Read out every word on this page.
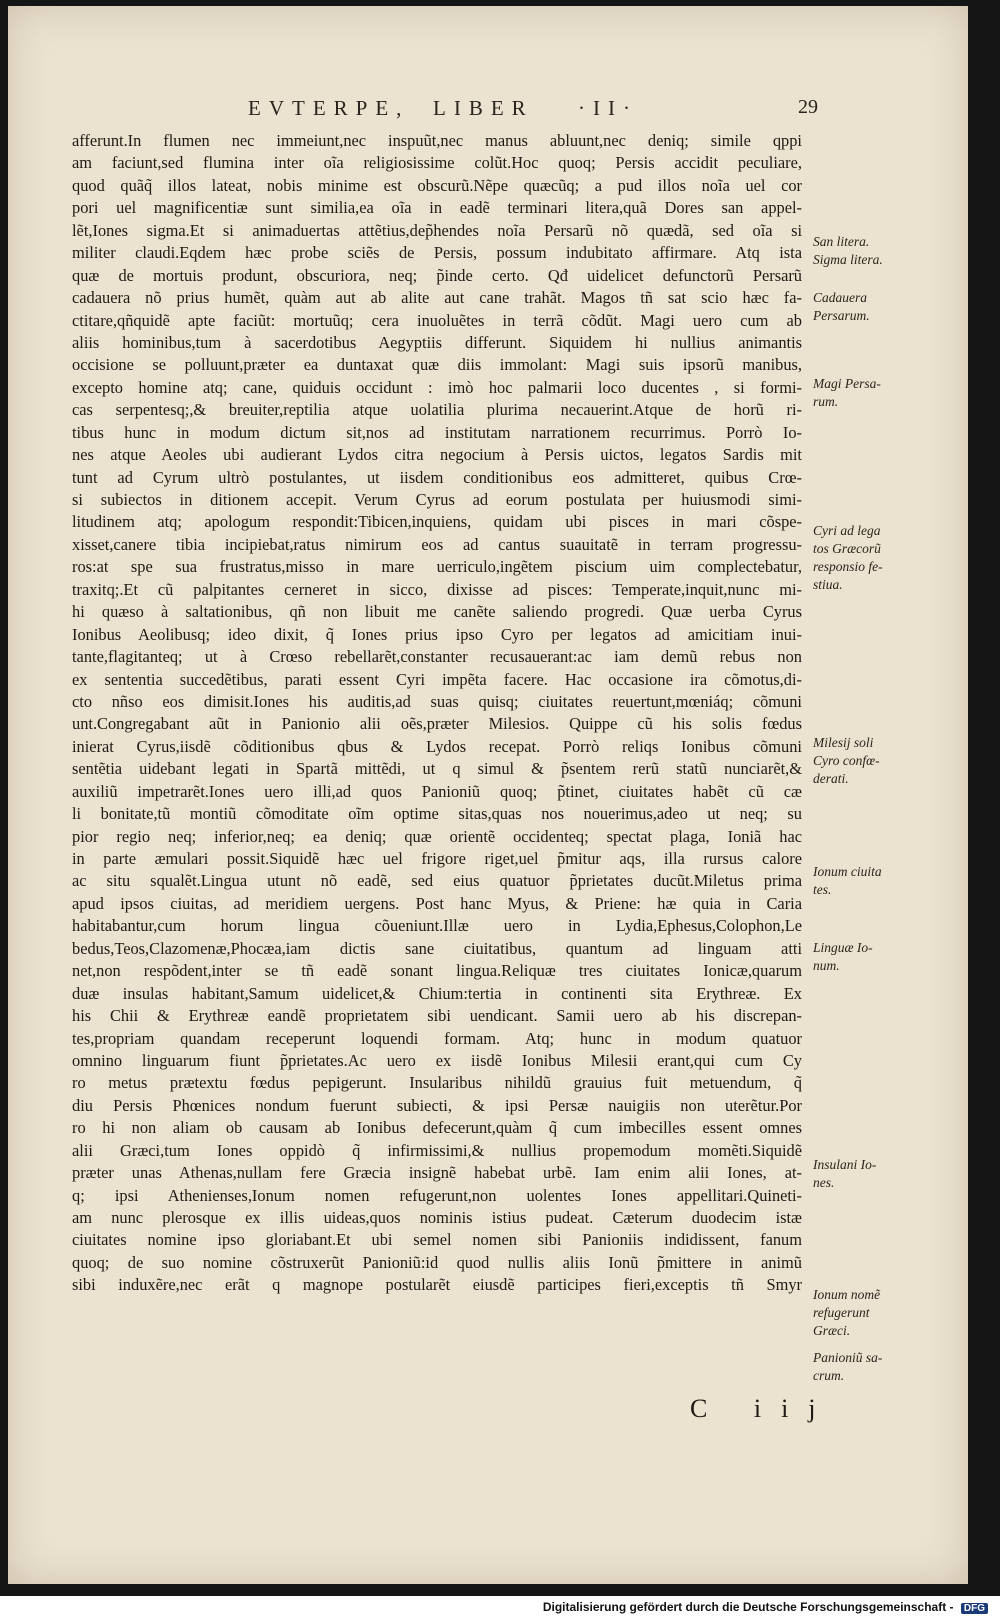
EVTERPE, LIBER ·II·	29
afferunt.In flumen nec immeiunt,nec inspuũt,nec manus abluunt,nec deniq; simile qppi
am faciunt,sed flumina inter oĩa religiosissime colũt.Hoc quoq; Persis accidit peculiare,
quod quãq̃ illos lateat, nobis minime est obscurũ.Nẽpe quæcũq; a pud illos noĩa uel cor
pori uel magnificentiæ sunt similia,ea oĩa in eadẽ terminari litera,quã Dores san appel-
lẽt,Iones sigma.Et si animaduertas attẽtius,dep̃hendes noĩa Persarũ nõ quædã, sed oĩa si
militer claudi.Eqdem hæc probe sciẽs de Persis, possum indubitato affirmare. Atq ista
quæ de mortuis produnt, obscuriora, neq; p̃inde certo. Qđ uidelicet defunctorũ Persarũ
cadauera nõ prius humẽt, quàm aut ab alite aut cane trahãt. Magos tñ sat scio hæc fa-
ctitare,qñquidẽ apte faciũt: mortuũq; cera inuoluẽtes in terrã cõdũt. Magi uero cum ab
aliis hominibus,tum à sacerdotibus Aegyptiis differunt. Siquidem hi nullius animantis
occisione se polluunt,præter ea duntaxat quæ diis immolant: Magi suis ipsorũ manibus,
excepto homine atq; cane, quiduis occidunt : imò hoc palmarii loco ducentes , si formi-
cas serpentesq;,& breuiter,reptilia atque uolatilia plurima necauerint.Atque de horũ ri-
tibus hunc in modum dictum sit,nos ad institutam narrationem recurrimus. Porrò Io-
nes atque Aeoles ubi audierant Lydos citra negocium à Persis uictos, legatos Sardis mit
tunt ad Cyrum ultrò postulantes, ut iisdem conditionibus eos admitteret, quibus Crœ-
si subiectos in ditionem accepit. Verum Cyrus ad eorum postulata per huiusmodi simi-
litudinem atq; apologum respondit:Tibicen,inquiens, quidam ubi pisces in mari cõspe-
xisset,canere tibia incipiebat,ratus nimirum eos ad cantus suauitatẽ in terram progressu-
ros:at spe sua frustratus,misso in mare uerriculo,ingẽtem piscium uim complectebatur,
traxitq;.Et cũ palpitantes cerneret in sicco, dixisse ad pisces: Temperate,inquit,nunc mi-
hi quæso à saltationibus, qñ non libuit me canẽte saliendo progredi. Quæ uerba Cyrus
Ionibus Aeolibusq; ideo dixit, q̃ Iones prius ipso Cyro per legatos ad amicitiam inui-
tante,flagitanteq; ut à Crœso rebellarẽt,constanter recusauerant:ac iam demũ rebus non
ex sententia succedẽtibus, parati essent Cyri impẽta facere. Hac occasione ira cõmotus,di-
cto nñso eos dimisit.Iones his auditis,ad suas quisq; ciuitates reuertunt,mœniáq; cõmuni
unt.Congregabant aũt in Panionio alii oẽs,præter Milesios. Quippe cũ his solis fœdus
inierat Cyrus,iisdẽ cõditionibus qbus & Lydos recepat. Porrò reliqs Ionibus cõmuni
sentẽtia uidebant legati in Spartã mittẽdi, ut q simul & p̃sentem rerũ statũ nunciarẽt,&
auxiliũ impetrarẽt.Iones uero illi,ad quos Panioniũ quoq; p̃tinet, ciuitates habẽt cũ cæ
li bonitate,tũ montiũ cõmoditate oĩm optime sitas,quas nos nouerimus,adeo ut neq; su
pior regio neq; inferior,neq; ea deniq; quæ orientẽ occidenteq; spectat plaga, Ioniã hac
in parte æmulari possit.Siquidẽ hæc uel frigore riget,uel p̃mitur aqs, illa rursus calore
ac situ squalẽt.Lingua utunt nõ eadẽ, sed eius quatuor p̃prietates ducũt.Miletus prima
apud ipsos ciuitas, ad meridiem uergens. Post hanc Myus, & Priene: hæ quia in Caria
habitabantur,cum horum lingua cõueniunt.Illæ uero in Lydia,Ephesus,Colophon,Le
bedus,Teos,Clazomenæ,Phocæa,iam dictis sane ciuitatibus, quantum ad linguam atti
net,non respõdent,inter se tñ eadẽ sonant lingua.Reliquæ tres ciuitates Ionicæ,quarum
duæ insulas habitant,Samum uidelicet,& Chium:tertia in continenti sita Erythreæ. Ex
his Chii & Erythreæ eandẽ proprietatem sibi uendicant. Samii uero ab his discrepan-
tes,propriam quandam receperunt loquendi formam. Atq; hunc in modum quatuor
omnino linguarum fiunt p̃prietates.Ac uero ex iisdẽ Ionibus Milesii erant,qui cum Cy
ro metus prætextu fœdus pepigerunt. Insularibus nihildũ grauius fuit metuendum, q̃
diu Persis Phœnices nondum fuerunt subiecti, & ipsi Persæ nauigiis non uterẽtur.Por
ro hi non aliam ob causam ab Ionibus defecerunt,quàm q̃ cum imbecilles essent omnes
alii Græci,tum Iones oppidò q̃ infirmissimi,& nullius propemodum momẽti.Siquidẽ
præter unas Athenas,nullam fere Græcia insignẽ habebat urbẽ. Iam enim alii Iones, at-
q; ipsi Athenienses,Ionum nomen refugerunt,non uolentes Iones appellitari.Quineti-
am nunc plerosque ex illis uideas,quos nominis istius pudeat. Cæterum duodecim istæ
ciuitates nomine ipso gloriabant.Et ubi semel nomen sibi Panioniis indidissent, fanum
quoq; de suo nomine cõstruxerũt Panioniũ:id quod nullis aliis Ionũ p̃mittere in animũ
sibi induxẽre,nec erãt q magnope postularẽt eiusdẽ participes fieri,exceptis tñ Smyr
San litera.
Sigma litera.
Cadauera
Persarum.
Magi Persa-
rum.
Cyri ad lega
tos Græcorũ
responsio fe-
stiua.
Milesij soli
Cyro confœ-
derati.
Ionum ciuita
tes.
Linguæ Io-
num.
Insulani Io-
nes.
Ionum nomẽ
refugerunt
Græci.
Panioniũ sa-
crum.
C iij
Digitalisierung gefördert durch die Deutsche Forschungsgemeinschaft - DFG
